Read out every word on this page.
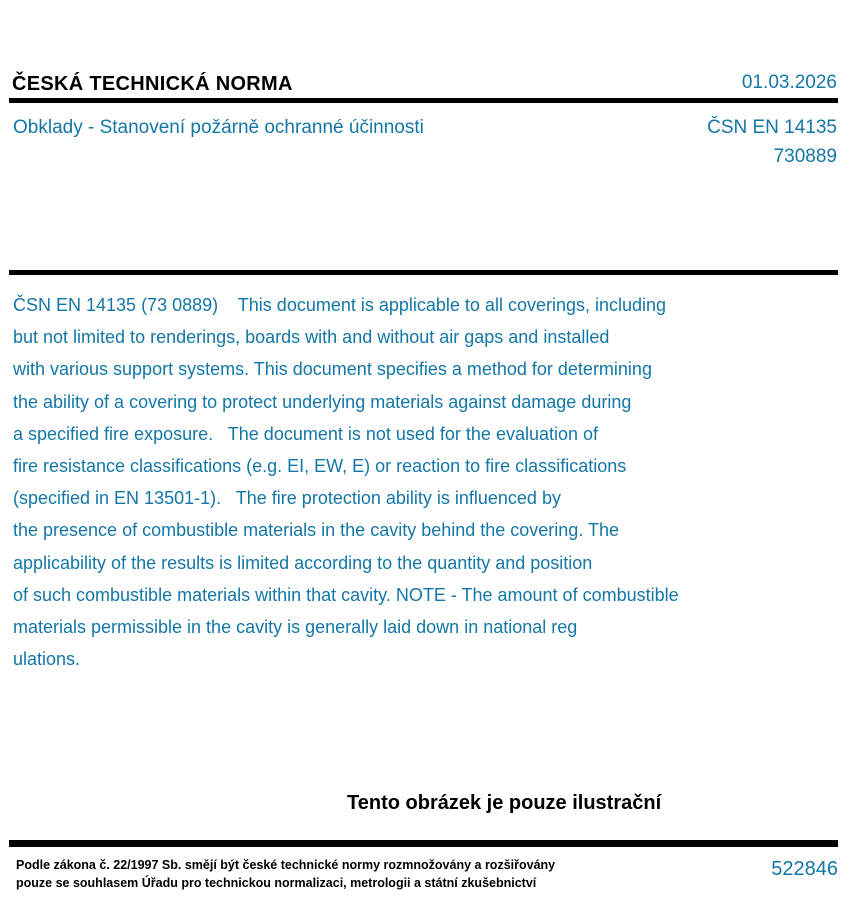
ČESKÁ TECHNICKÁ NORMA	01.03.2026
Obklady - Stanovení požárně ochranné účinnosti	ČSN EN 14135
730889
ČSN EN 14135 (73 0889)    This document is applicable to all coverings, including
but not limited to renderings, boards with and without air gaps and installed
with various support systems. This document specifies a method for determining
the ability of a covering to protect underlying materials against damage during
a specified fire exposure.   The document is not used for the evaluation of
fire resistance classifications (e.g. EI, EW, E) or reaction to fire classifications
(specified in EN 13501-1).   The fire protection ability is influenced by
the presence of combustible materials in the cavity behind the covering. The
applicability of the results is limited according to the quantity and position
of such combustible materials within that cavity. NOTE - The amount of combustible
materials permissible in the cavity is generally laid down in national reg
ulations.
Tento obrázek je pouze ilustrační
Podle zákona č. 22/1997 Sb. smějí být české technické normy rozmnožovány a rozšiřovány
pouze se souhlasem Úřadu pro technickou normalizaci, metrologii a státní zkušebnictví
522846
